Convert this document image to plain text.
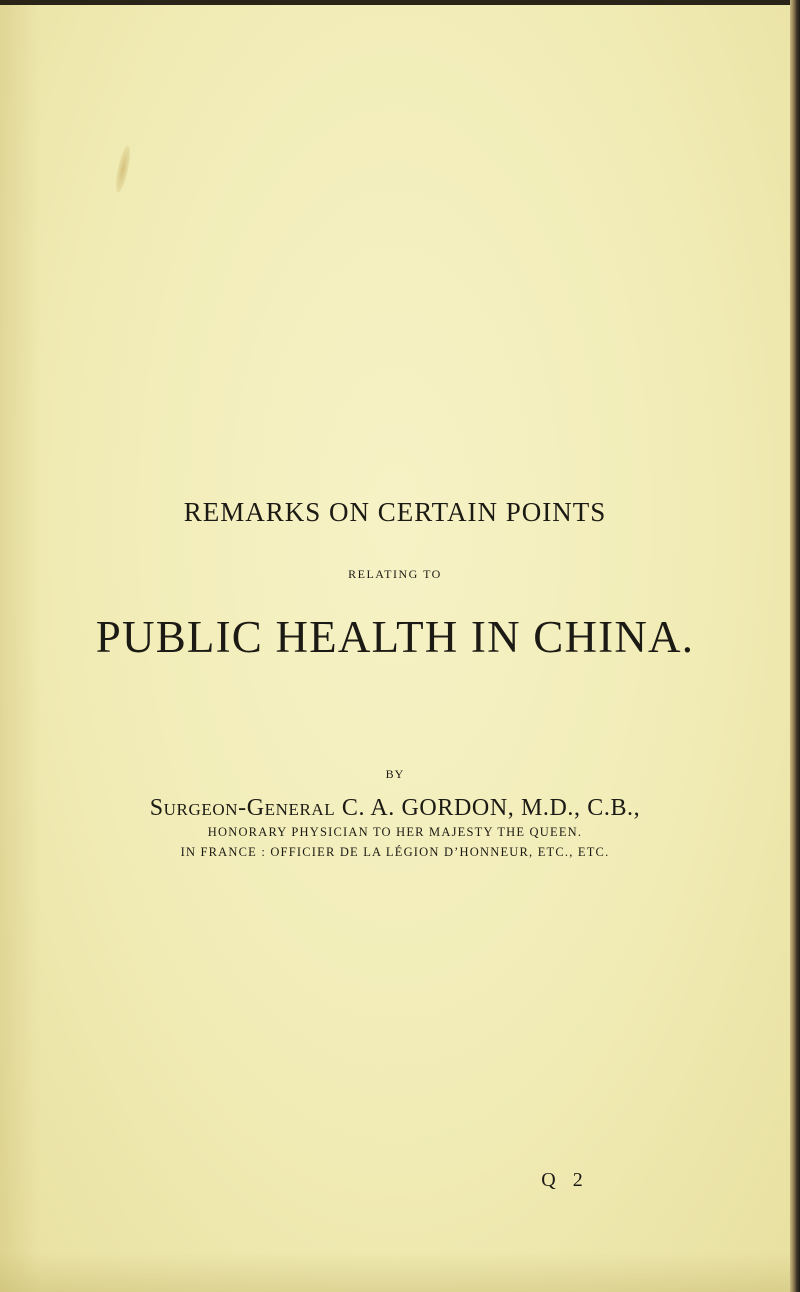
REMARKS ON CERTAIN POINTS
RELATING TO
PUBLIC HEALTH IN CHINA.
BY
Surgeon-General C. A. GORDON, M.D., C.B.,
HONORARY PHYSICIAN TO HER MAJESTY THE QUEEN.
IN FRANCE : OFFICIER DE LA LÉGION D’HONNEUR, ETC., ETC.
Q 2
